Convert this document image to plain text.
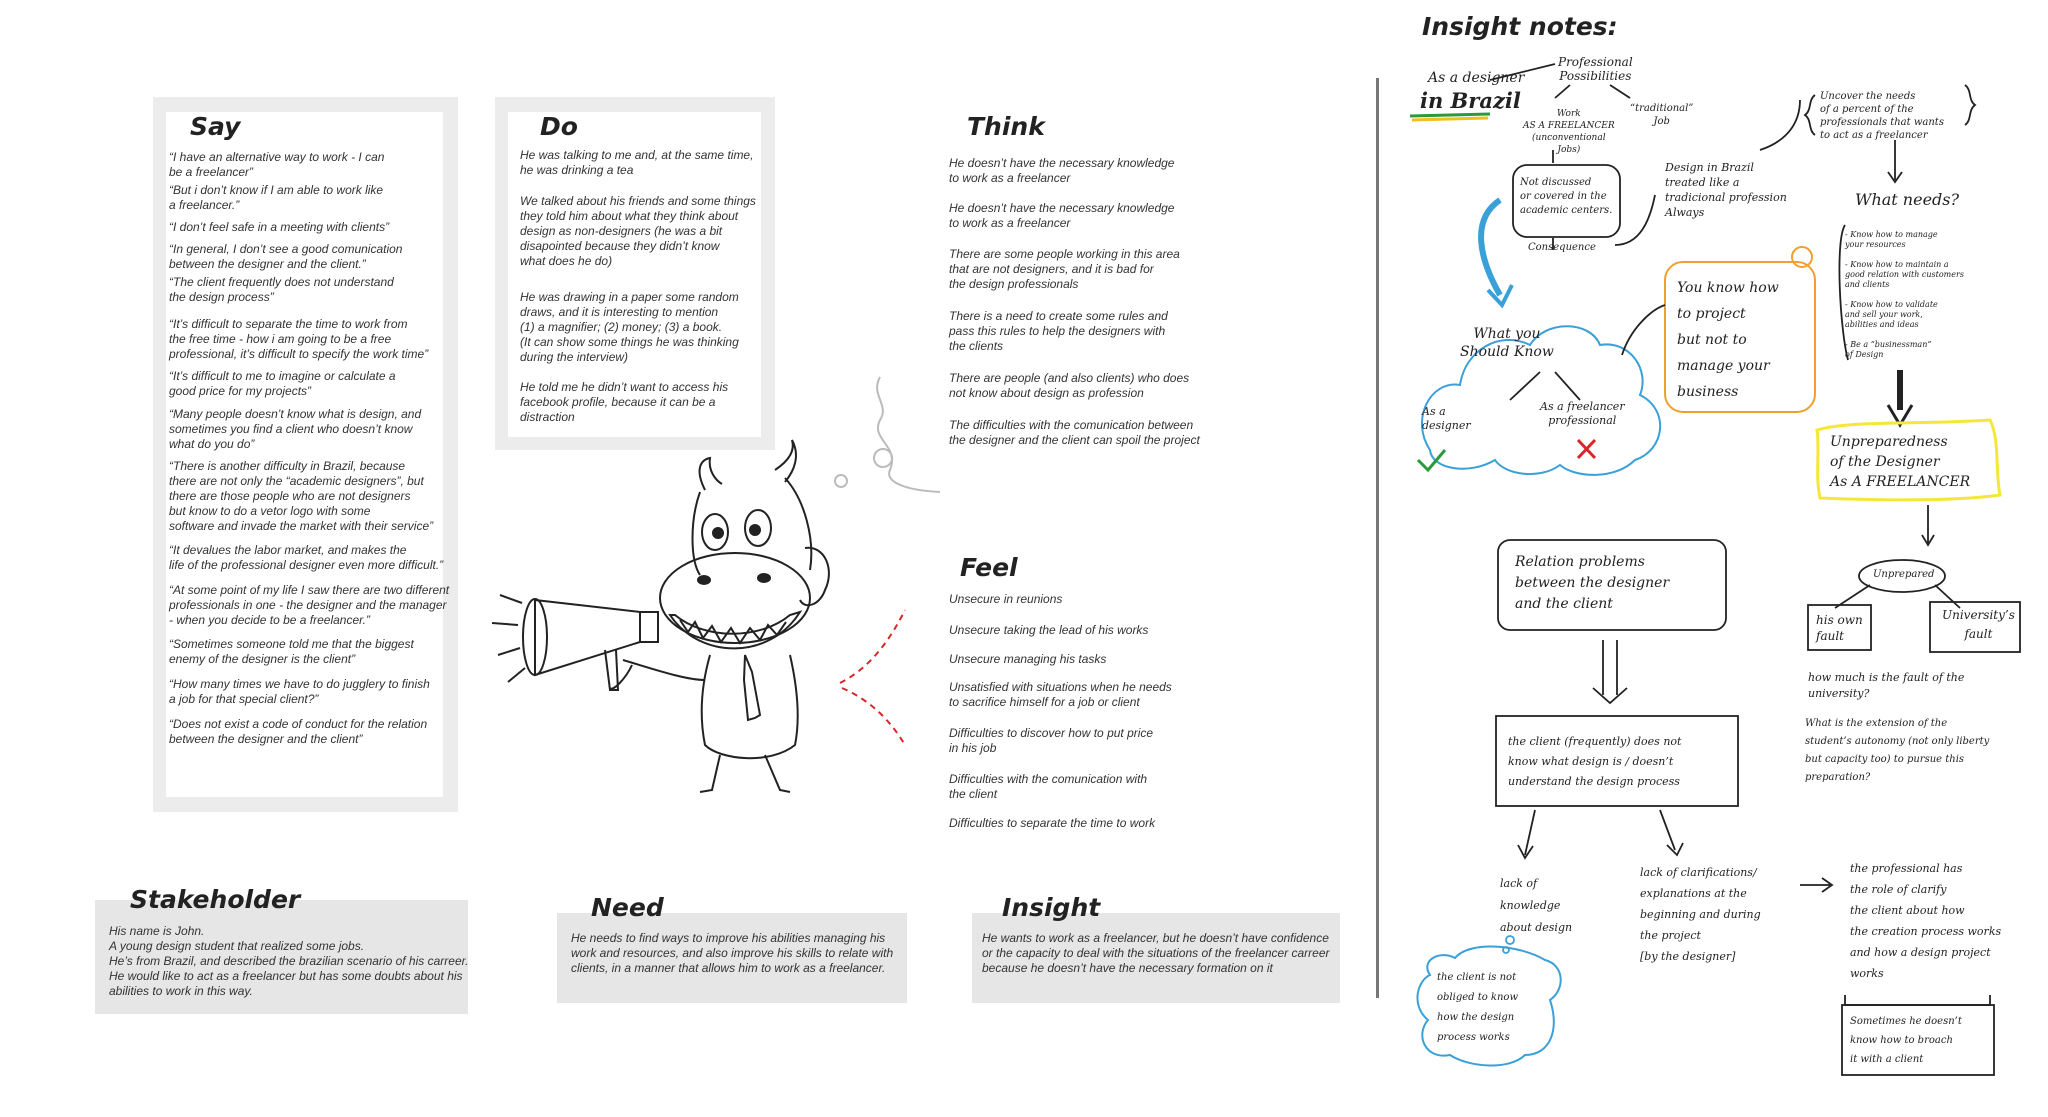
Say
“I have an alternative way to work - I can
be a freelancer”
“But i don’t know if I am able to work like
a freelancer.”
“I don’t feel safe in a meeting with clients”
“In general, I don’t see a good comunication
between the designer and the client.”
“The client frequently does not understand
the design process”
“It’s difficult to separate the time to work from
the free time - how i am going to be a free
professional, it’s difficult to specify the work time”
“It’s difficult to me to imagine or calculate a
good price for my projects”
“Many people doesn’t know what is design, and
sometimes you find a client who doesn’t know
what do you do”
“There is another difficulty in Brazil, because
there are not only the “academic designers”, but
there are those people who are not designers
but know to do a vetor logo with some
software and invade the market with their service”
“It devalues the labor market, and makes the
life of the professional designer even more difficult.”
“At some point of my life I saw there are two different
professionals in one - the designer and the manager
- when you decide to be a freelancer.”
“Sometimes someone told me that the biggest
enemy of the designer is the client”
“How many times we have to do jugglery to finish
a job for that special client?”
“Does not exist a code of conduct for the relation
between the designer and the client”
Do
He was talking to me and, at the same time,
he was drinking a tea
We talked about his friends and some things
they told him about what they think about
design as non-designers (he was a bit
disapointed because they didn’t know
what does he do)
He was drawing in a paper some random
draws, and it is interesting to mention
(1) a magnifier; (2) money; (3) a book.
(It can show some things he was thinking
during the interview)
He told me he didn’t want to access his
facebook profile, because it can be a
distraction
Think
He doesn’t have the necessary knowledge
to work as a freelancer
He doesn’t have the necessary knowledge
to work as a freelancer
There are some people working in this area
that are not designers, and it is bad for
the design professionals
There is a need to create some rules and
pass this rules to help the designers with
the clients
There are people (and also clients) who does
not know about design as profession
The difficulties with the comunication between
the designer and the client can spoil the project
Feel
Unsecure in reunions
Unsecure taking the lead of his works
Unsecure managing his tasks
Unsatisfied with situations when he needs
to sacrifice himself for a job or client
Difficulties to discover how to put price
in his job
Difficulties with the comunication with
the client
Difficulties to separate the time to work
Stakeholder
His name is John.
A young design student that realized some jobs.
He’s from Brazil, and described the brazilian scenario of his carreer.
He would like to act as a freelancer but has some doubts about his
abilities to work in this way.
Need
He needs to find ways to improve his abilities managing his
work and resources, and also improve his skills to relate with
clients, in a manner that allows him to work as a freelancer.
Insight
He wants to work as a freelancer, but he doesn’t have confidence
or the capacity to deal with the situations of the freelancer carreer
because he doesn’t have the necessary formation on it
Insight notes:
As a designer
in Brazil
Professional
Possibilities
Work
AS A FREELANCER
(unconventional
Jobs)
“traditional”
Job
Not discussed
or covered in the
academic centers.
Consequence
Design in Brazil
treated like a
tradicional profession
Always
Uncover the needs
of a percent of the
professionals that wants
to act as a freelancer
What needs?
- Know how to manage
your resources
- Know how to maintain a
good relation with customers
and clients
- Know how to validate
and sell your work,
abilities and ideas
- Be a “businessman”
of Design
What you
Should Know
As a
designer
As a freelancer
professional
You know how
to project
but not to
manage your
business
Unpreparedness
of the Designer
As A FREELANCER
Relation problems
between the designer
and the client
Unprepared
his own
fault
University’s
fault
how much is the fault of the
university?
What is the extension of the
student’s autonomy (not only liberty
but capacity too) to pursue this
preparation?
the client (frequently) does not
know what design is / doesn’t
understand the design process
lack of
knowledge
about design
lack of clarifications/
explanations at the
beginning and during
the project
[by the designer]
the professional has
the role of clarify
the client about how
the creation process works
and how a design project
works
Sometimes he doesn’t
know how to broach
it with a client
the client is not
obliged to know
how the design
process works
